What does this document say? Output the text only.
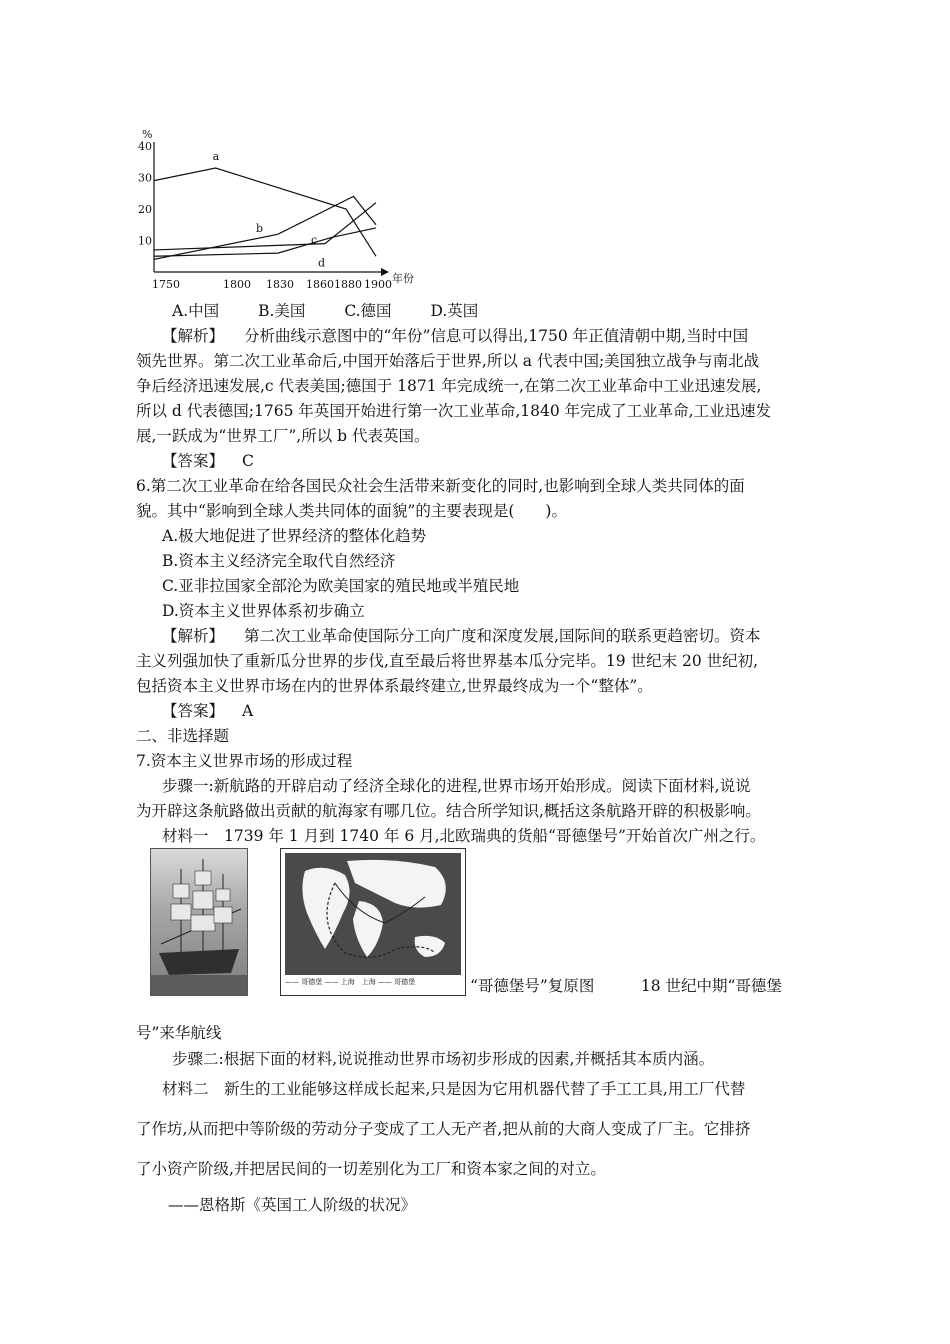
a
b
c
d
%
年份
40
30
20
10
1750	1800 1830 1860 1880 1900
A.中国	B.美国	C.德国	D.英国
【解析】 分析曲线示意图中的“年份”信息可以得出,1750 年正值清朝中期,当时中国
领先世界。第二次工业革命后,中国开始落后于世界,所以 a 代表中国;美国独立战争与南北战
争后经济迅速发展,c 代表美国;德国于 1871 年完成统一,在第二次工业革命中工业迅速发展,
所以 d 代表德国;1765 年英国开始进行第一次工业革命,1840 年完成了工业革命,工业迅速发
展,一跃成为“世界工厂”,所以 b 代表英国。
【答案】 C
6.第二次工业革命在给各国民众社会生活带来新变化的同时,也影响到全球人类共同体的面
貌。其中“影响到全球人类共同体的面貌”的主要表现是(　　)。
A.极大地促进了世界经济的整体化趋势
B.资本主义经济完全取代自然经济
C.亚非拉国家全部沦为欧美国家的殖民地或半殖民地
D.资本主义世界体系初步确立
【解析】 第二次工业革命使国际分工向广度和深度发展,国际间的联系更趋密切。资本
主义列强加快了重新瓜分世界的步伐,直至最后将世界基本瓜分完毕。19 世纪末 20 世纪初,
包括资本主义世界市场在内的世界体系最终建立,世界最终成为一个“整体”。
【答案】 A
二、非选择题
7.资本主义世界市场的形成过程
步骤一:新航路的开辟启动了经济全球化的进程,世界市场开始形成。阅读下面材料,说说
为开辟这条航路做出贡献的航海家有哪几位。结合所学知识,概括这条航路开辟的积极影响。
材料一　1739 年 1 月到 1740 年 6 月,北欧瑞典的货船“哥德堡号”开始首次广州之行。
—— 哥德堡 —— 上海　上海 —— 哥德堡	“哥德堡号”复原图　　　18 世纪中期“哥德堡
号”来华航线
步骤二:根据下面的材料,说说推动世界市场初步形成的因素,并概括其本质内涵。
材料二　新生的工业能够这样成长起来,只是因为它用机器代替了手工工具,用工厂代替
了作坊,从而把中等阶级的劳动分子变成了工人无产者,把从前的大商人变成了厂主。它排挤
了小资产阶级,并把居民间的一切差别化为工厂和资本家之间的对立。
——恩格斯《英国工人阶级的状况》
